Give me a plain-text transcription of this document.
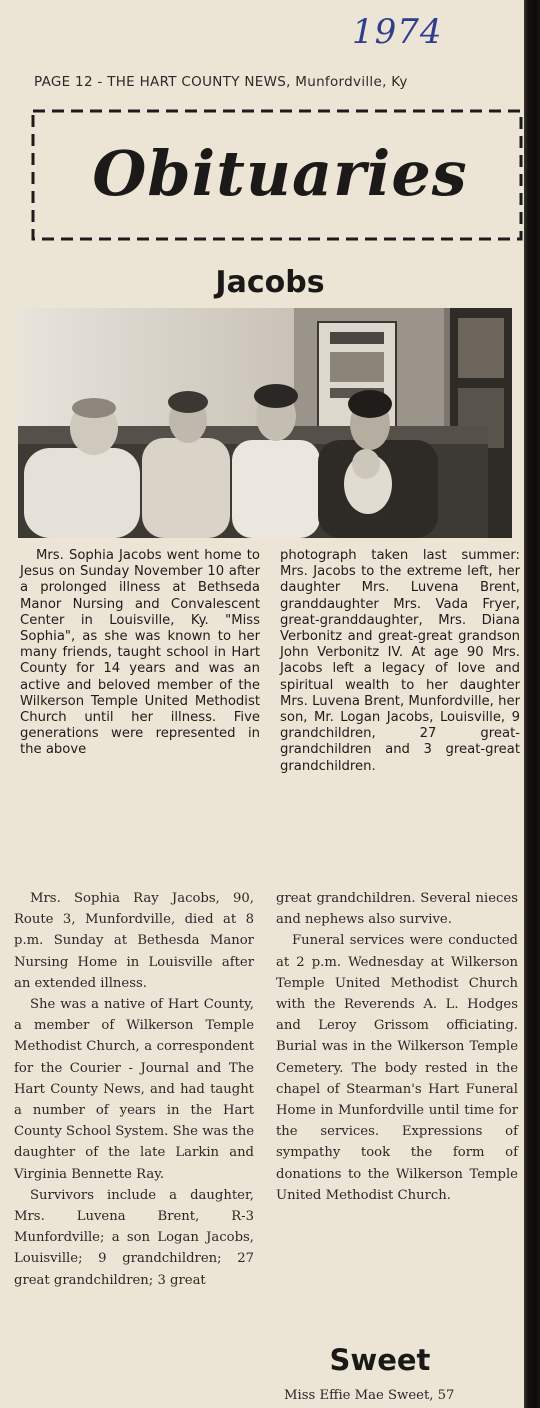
1974
PAGE 12 - THE HART COUNTY NEWS, Munfordville, Ky
Obituaries
Jacobs
Mrs. Sophia Jacobs went home to Jesus on Sunday November 10 after a prolonged illness at Bethseda Manor Nursing and Convalescent Center in Louisville, Ky. "Miss Sophia", as she was known to her many friends, taught school in Hart County for 14 years and was an active and beloved member of the Wilkerson Temple United Methodist Church until her illness. Five generations were represented in the above
photograph taken last summer: Mrs. Jacobs to the extreme left, her daughter Mrs. Luvena Brent, granddaughter Mrs. Vada Fryer, great-granddaughter, Mrs. Diana Verbonitz and great-great grandson John Verbonitz IV. At age 90 Mrs. Jacobs left a legacy of love and spiritual wealth to her daughter Mrs. Luvena Brent, Munfordville, her son, Mr. Logan Jacobs, Louisville, 9 grandchildren, 27 great-grandchildren and 3 great-great grandchildren.

Mrs. Sophia Ray Jacobs, 90, Route 3, Munfordville, died at 8 p.m. Sunday at Bethesda Manor Nursing Home in Louisville after an extended illness.

She was a native of Hart County, a member of Wilkerson Temple Methodist Church, a correspondent for the Courier - Journal and The Hart County News, and had taught a number of years in the Hart County School System. She was the daughter of the late Larkin and Virginia Bennette Ray.

Survivors include a daughter, Mrs. Luvena Brent, R-3 Munfordville; a son Logan Jacobs, Louisville; 9 grandchildren; 27 great grandchildren; 3 great

great grandchildren. Several nieces and nephews also survive.

Funeral services were conducted at 2 p.m. Wednesday at Wilkerson Temple United Methodist Church with the Reverends A. L. Hodges and Leroy Grissom officiating. Burial was in the Wilkerson Temple Cemetery. The body rested in the chapel of Stearman's Hart Funeral Home in Munfordville until time for the services. Expressions of sympathy took the form of donations to the Wilkerson Temple United Methodist Church.

Sweet
Miss Effie Mae Sweet, 57
